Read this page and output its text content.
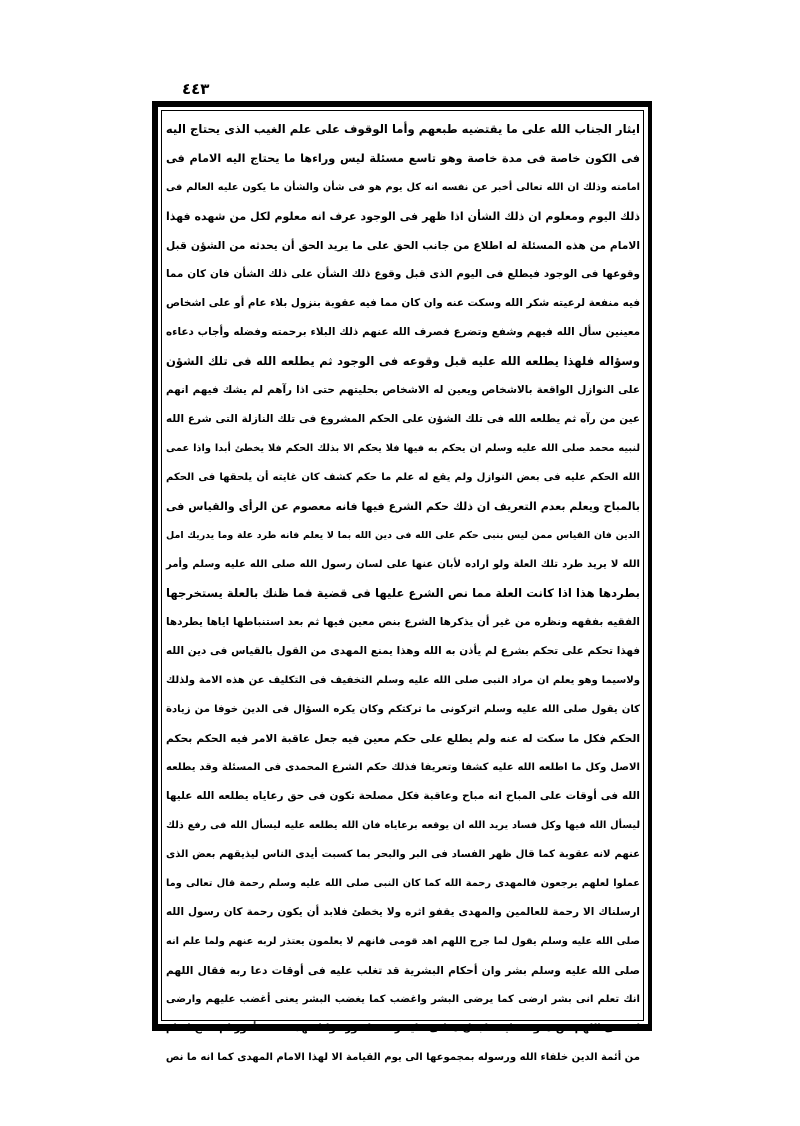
٤٤٣
ایثار الجناب الله على ما يقتضيه طبعهم وأما الوقوف على علم الغيب الذى يحتاج اليه
فى الكون خاصة فى مدة خاصة وهو تاسع مسئلة ليس وراءها ما يحتاج اليه الامام فى
امامته وذلك ان الله تعالى أخبر عن نفسه انه كل يوم هو فى شأن والشأن ما يكون عليه العالم فى
ذلك اليوم ومعلوم ان ذلك الشأن اذا ظهر فى الوجود عرف انه معلوم لكل من شهده فهذا
الامام من هذه المسئلة له اطلاع من جانب الحق على ما يريد الحق أن يحدثه من الشؤن قبل
وقوعها فى الوجود فيطلع فى اليوم الذى قبل وقوع ذلك الشأن على ذلك الشأن فان كان مما
فيه منفعة لرعيته شكر الله وسكت عنه وان كان مما فيه عقوبة بنزول بلاء عام أو على اشخاص
معينين سأل الله فيهم وشفع وتضرع فصرف الله عنهم ذلك البلاء برحمته وفضله وأجاب دعاءه
وسؤاله فلهذا يطلعه الله عليه قبل وقوعه فى الوجود ثم يطلعه الله فى تلك الشؤن
على النوازل الواقعة بالاشخاص ويعين له الاشخاص بحليتهم حتى اذا رآهم لم يشك فيهم انهم
عين من رآه ثم يطلعه الله فى تلك الشؤن على الحكم المشروع فى تلك النازلة التى شرع الله
لنبيه محمد صلى الله عليه وسلم ان يحكم به فيها فلا يحكم الا بذلك الحكم فلا يخطئ أبدا واذا عمى
الله الحكم عليه فى بعض النوازل ولم يقع له علم ما حكم كشف كان غايته أن يلحقها فى الحكم
بالمباح ويعلم بعدم التعريف ان ذلك حكم الشرع فيها فانه معصوم عن الرأى والقياس فى
الدين فان القياس ممن ليس بنبى حكم على الله فى دين الله بما لا يعلم فانه طرد علة وما يدريك امل
الله لا يريد طرد تلك العلة ولو اراده لأبان عنها على لسان رسول الله صلى الله عليه وسلم وأمر
بطردها هذا اذا كانت العلة مما نص الشرع عليها فى قضية فما ظنك بالعلة يستخرجها
الفقيه بفقهه ونظره من غير أن يذكرها الشرع بنص معين فيها ثم بعد استنباطها اياها يطردها
فهذا تحكم على تحكم بشرع لم يأذن به الله وهذا يمنع المهدى من القول بالقياس فى دين الله
ولاسيما وهو يعلم ان مراد النبى صلى الله عليه وسلم التخفيف فى التكليف عن هذه الامة ولذلك
كان يقول صلى الله عليه وسلم اتركونى ما تركتكم وكان يكره السؤال فى الدين خوفا من زيادة
الحكم فكل ما سكت له عنه ولم يطلع على حكم معين فيه جعل عاقبة الامر فيه الحكم بحكم
الاصل وكل ما اطلعه الله عليه كشفا وتعريفا فذلك حكم الشرع المحمدى فى المسئلة وقد يطلعه
الله فى أوقات على المباح انه مباح وعاقبة فكل مصلحة تكون فى حق رعاياه يطلعه الله عليها
ليسأل الله فيها وكل فساد يريد الله ان يوقعه برعاياه فان الله يطلعه عليه ليسأل الله فى رفع ذلك
عنهم لانه عقوبة كما قال ظهر الفساد فى البر والبحر بما كسبت أيدى الناس ليذيقهم بعض الذى
عملوا لعلهم يرجعون فالمهدى رحمة الله كما كان النبى صلى الله عليه وسلم رحمة قال تعالى وما
ارسلناك الا رحمة للعالمين والمهدى يقفو اثره ولا يخطئ فلابد أن يكون رحمة كان رسول الله
صلى الله عليه وسلم يقول لما جرح اللهم اهد قومى فانهم لا يعلمون يعتذر لربه عنهم ولما علم انه
صلى الله عليه وسلم بشر وان أحكام البشرية قد تغلب عليه فى أوقات دعا ربه فقال اللهم
انك تعلم انى بشر ارضى كما يرضى البشر واغضب كما يغضب البشر يعنى أغضب عليهم وارضى
لنفسى اللهم من دعوت عليه فاجعل دعائى عليه رحمة له ورضوانا فهذه تسعة أمور لم تصح لامام
من أئمة الدين خلفاء الله ورسوله بمجموعها الى يوم القيامة الا لهذا الامام المهدى كما انه ما نص
